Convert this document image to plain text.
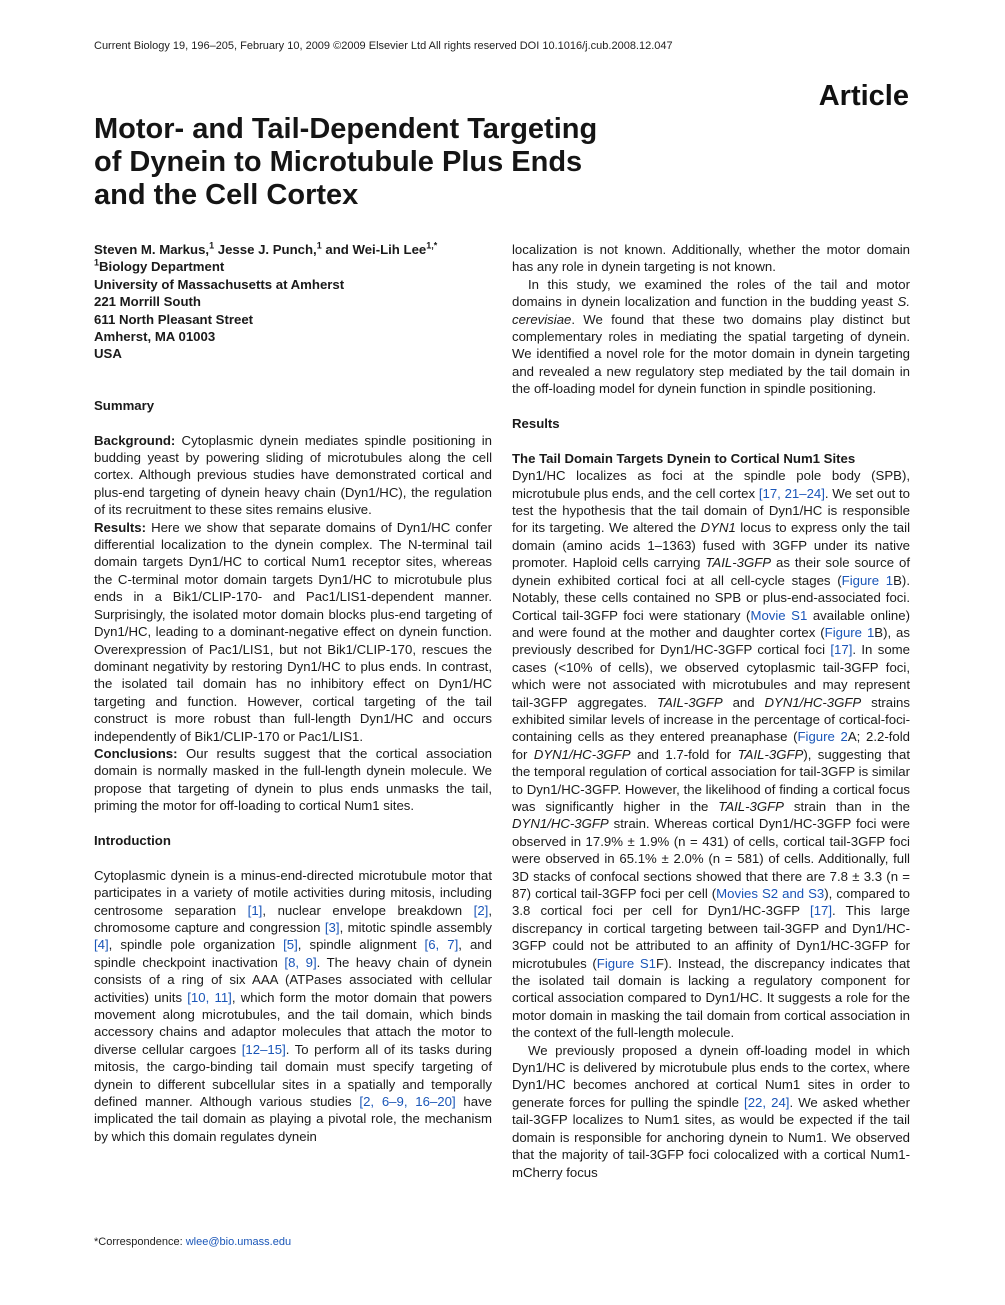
Current Biology 19, 196–205, February 10, 2009 ©2009 Elsevier Ltd All rights reserved DOI 10.1016/j.cub.2008.12.047
Article
Motor- and Tail-Dependent Targeting
of Dynein to Microtubule Plus Ends
and the Cell Cortex
Steven M. Markus,$^1$ Jesse J. Punch,$^1$ and Wei-Lih Lee$^{1,*}$
$^1$Biology Department
University of Massachusetts at Amherst
221 Morrill South
611 North Pleasant Street
Amherst, MA 01003
USA
Summary

Background: Cytoplasmic dynein mediates spindle positioning in budding yeast by powering sliding of microtubules along the cell cortex. Although previous studies have demonstrated cortical and plus-end targeting of dynein heavy chain (Dyn1/HC), the regulation of its recruitment to these sites remains elusive.

Results: Here we show that separate domains of Dyn1/HC confer differential localization to the dynein complex. The N-terminal tail domain targets Dyn1/HC to cortical Num1 receptor sites, whereas the C-terminal motor domain targets Dyn1/HC to microtubule plus ends in a Bik1/CLIP-170- and Pac1/LIS1-dependent manner. Surprisingly, the isolated motor domain blocks plus-end targeting of Dyn1/HC, leading to a dominant-negative effect on dynein function. Overexpression of Pac1/LIS1, but not Bik1/CLIP-170, rescues the dominant negativity by restoring Dyn1/HC to plus ends. In contrast, the isolated tail domain has no inhibitory effect on Dyn1/HC targeting and function. However, cortical targeting of the tail construct is more robust than full-length Dyn1/HC and occurs independently of Bik1/CLIP-170 or Pac1/LIS1.

Conclusions: Our results suggest that the cortical association domain is normally masked in the full-length dynein molecule. We propose that targeting of dynein to plus ends unmasks the tail, priming the motor for off-loading to cortical Num1 sites.

Introduction

Cytoplasmic dynein is a minus-end-directed microtubule motor that participates in a variety of motile activities during mitosis, including centrosome separation [1], nuclear envelope breakdown [2], chromosome capture and congression [3], mitotic spindle assembly [4], spindle pole organization [5], spindle alignment [6, 7], and spindle checkpoint inactivation [8, 9]. The heavy chain of dynein consists of a ring of six AAA (ATPases associated with cellular activities) units [10, 11], which form the motor domain that powers movement along microtubules, and the tail domain, which binds accessory chains and adaptor molecules that attach the motor to diverse cellular cargoes [12–15]. To perform all of its tasks during mitosis, the cargo-binding tail domain must specify targeting of dynein to different subcellular sites in a spatially and temporally defined manner. Although various studies [2, 6–9, 16–20] have implicated the tail domain as playing a pivotal role, the mechanism by which this domain regulates dynein

localization is not known. Additionally, whether the motor domain has any role in dynein targeting is not known.

In this study, we examined the roles of the tail and motor domains in dynein localization and function in the budding yeast S. cerevisiae. We found that these two domains play distinct but complementary roles in mediating the spatial targeting of dynein. We identified a novel role for the motor domain in dynein targeting and revealed a new regulatory step mediated by the tail domain in the off-loading model for dynein function in spindle positioning.

Results
The Tail Domain Targets Dynein to Cortical Num1 Sites

Dyn1/HC localizes as foci at the spindle pole body (SPB), microtubule plus ends, and the cell cortex [17, 21–24]. We set out to test the hypothesis that the tail domain of Dyn1/HC is responsible for its targeting. We altered the DYN1 locus to express only the tail domain (amino acids 1–1363) fused with 3GFP under its native promoter. Haploid cells carrying TAIL-3GFP as their sole source of dynein exhibited cortical foci at all cell-cycle stages (Figure 1B). Notably, these cells contained no SPB or plus-end-associated foci. Cortical tail-3GFP foci were stationary (Movie S1 available online) and were found at the mother and daughter cortex (Figure 1B), as previously described for Dyn1/HC-3GFP cortical foci [17]. In some cases (<10% of cells), we observed cytoplasmic tail-3GFP foci, which were not associated with microtubules and may represent tail-3GFP aggregates. TAIL-3GFP and DYN1/HC-3GFP strains exhibited similar levels of increase in the percentage of cortical-foci-containing cells as they entered preanaphase (Figure 2A; 2.2-fold for DYN1/HC-3GFP and 1.7-fold for TAIL-3GFP), suggesting that the temporal regulation of cortical association for tail-3GFP is similar to Dyn1/HC-3GFP. However, the likelihood of finding a cortical focus was significantly higher in the TAIL-3GFP strain than in the DYN1/HC-3GFP strain. Whereas cortical Dyn1/HC-3GFP foci were observed in 17.9% ± 1.9% (n = 431) of cells, cortical tail-3GFP foci were observed in 65.1% ± 2.0% (n = 581) of cells. Additionally, full 3D stacks of confocal sections showed that there are 7.8 ± 3.3 (n = 87) cortical tail-3GFP foci per cell (Movies S2 and S3), compared to 3.8 cortical foci per cell for Dyn1/HC-3GFP [17]. This large discrepancy in cortical targeting between tail-3GFP and Dyn1/HC-3GFP could not be attributed to an affinity of Dyn1/HC-3GFP for microtubules (Figure S1F). Instead, the discrepancy indicates that the isolated tail domain is lacking a regulatory component for cortical association compared to Dyn1/HC. It suggests a role for the motor domain in masking the tail domain from cortical association in the context of the full-length molecule.

We previously proposed a dynein off-loading model in which Dyn1/HC is delivered by microtubule plus ends to the cortex, where Dyn1/HC becomes anchored at cortical Num1 sites in order to generate forces for pulling the spindle [22, 24]. We asked whether tail-3GFP localizes to Num1 sites, as would be expected if the tail domain is responsible for anchoring dynein to Num1. We observed that the majority of tail-3GFP foci colocalized with a cortical Num1-mCherry focus

*Correspondence: wlee@bio.umass.edu
